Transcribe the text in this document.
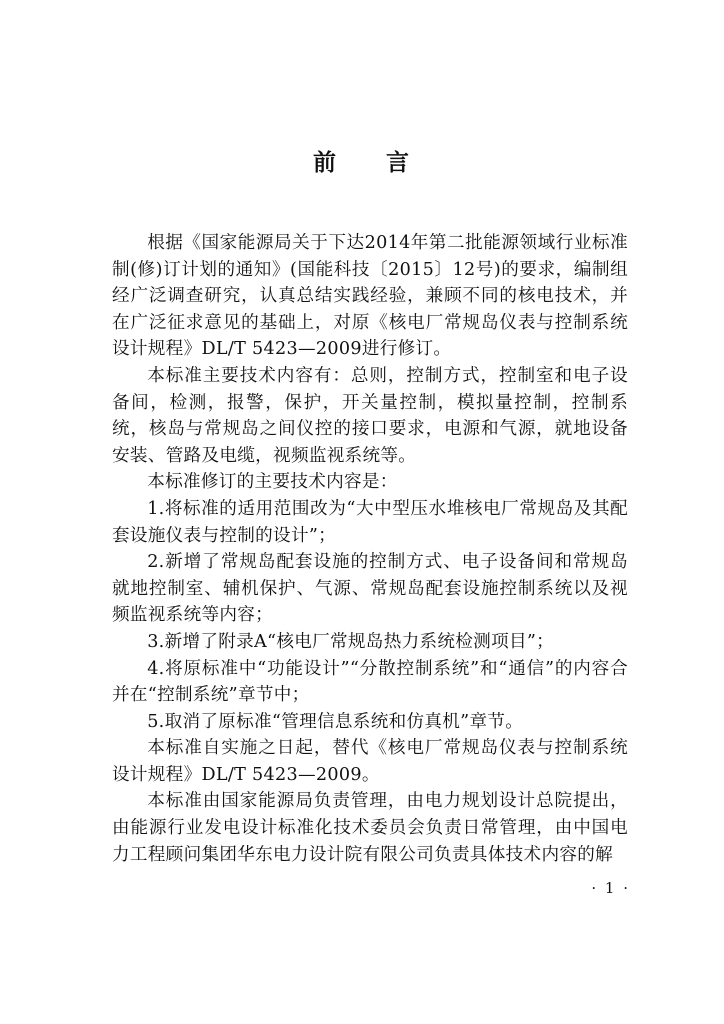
前 言

根据《国家能源局关于下达2014年第二批能源领域行业标准制(修)订计划的通知》(国能科技〔2015〕12号)的要求，编制组经广泛调查研究，认真总结实践经验，兼顾不同的核电技术，并在广泛征求意见的基础上，对原《核电厂常规岛仪表与控制系统设计规程》DL/T 5423—2009进行修订。

本标准主要技术内容有：总则，控制方式，控制室和电子设备间，检测，报警，保护，开关量控制，模拟量控制，控制系统，核岛与常规岛之间仪控的接口要求，电源和气源，就地设备安装、管路及电缆，视频监视系统等。

本标准修订的主要技术内容是：

1.将标准的适用范围改为“大中型压水堆核电厂常规岛及其配套设施仪表与控制的设计”；

2.新增了常规岛配套设施的控制方式、电子设备间和常规岛就地控制室、辅机保护、气源、常规岛配套设施控制系统以及视频监视系统等内容；

3.新增了附录A“核电厂常规岛热力系统检测项目”；

4.将原标准中“功能设计”“分散控制系统”和“通信”的内容合并在“控制系统”章节中；

5.取消了原标准“管理信息系统和仿真机”章节。

本标准自实施之日起，替代《核电厂常规岛仪表与控制系统设计规程》DL/T 5423—2009。

本标准由国家能源局负责管理，由电力规划设计总院提出，由能源行业发电设计标准化技术委员会负责日常管理，由中国电力工程顾问集团华东电力设计院有限公司负责具体技术内容的解

· 1 ·
